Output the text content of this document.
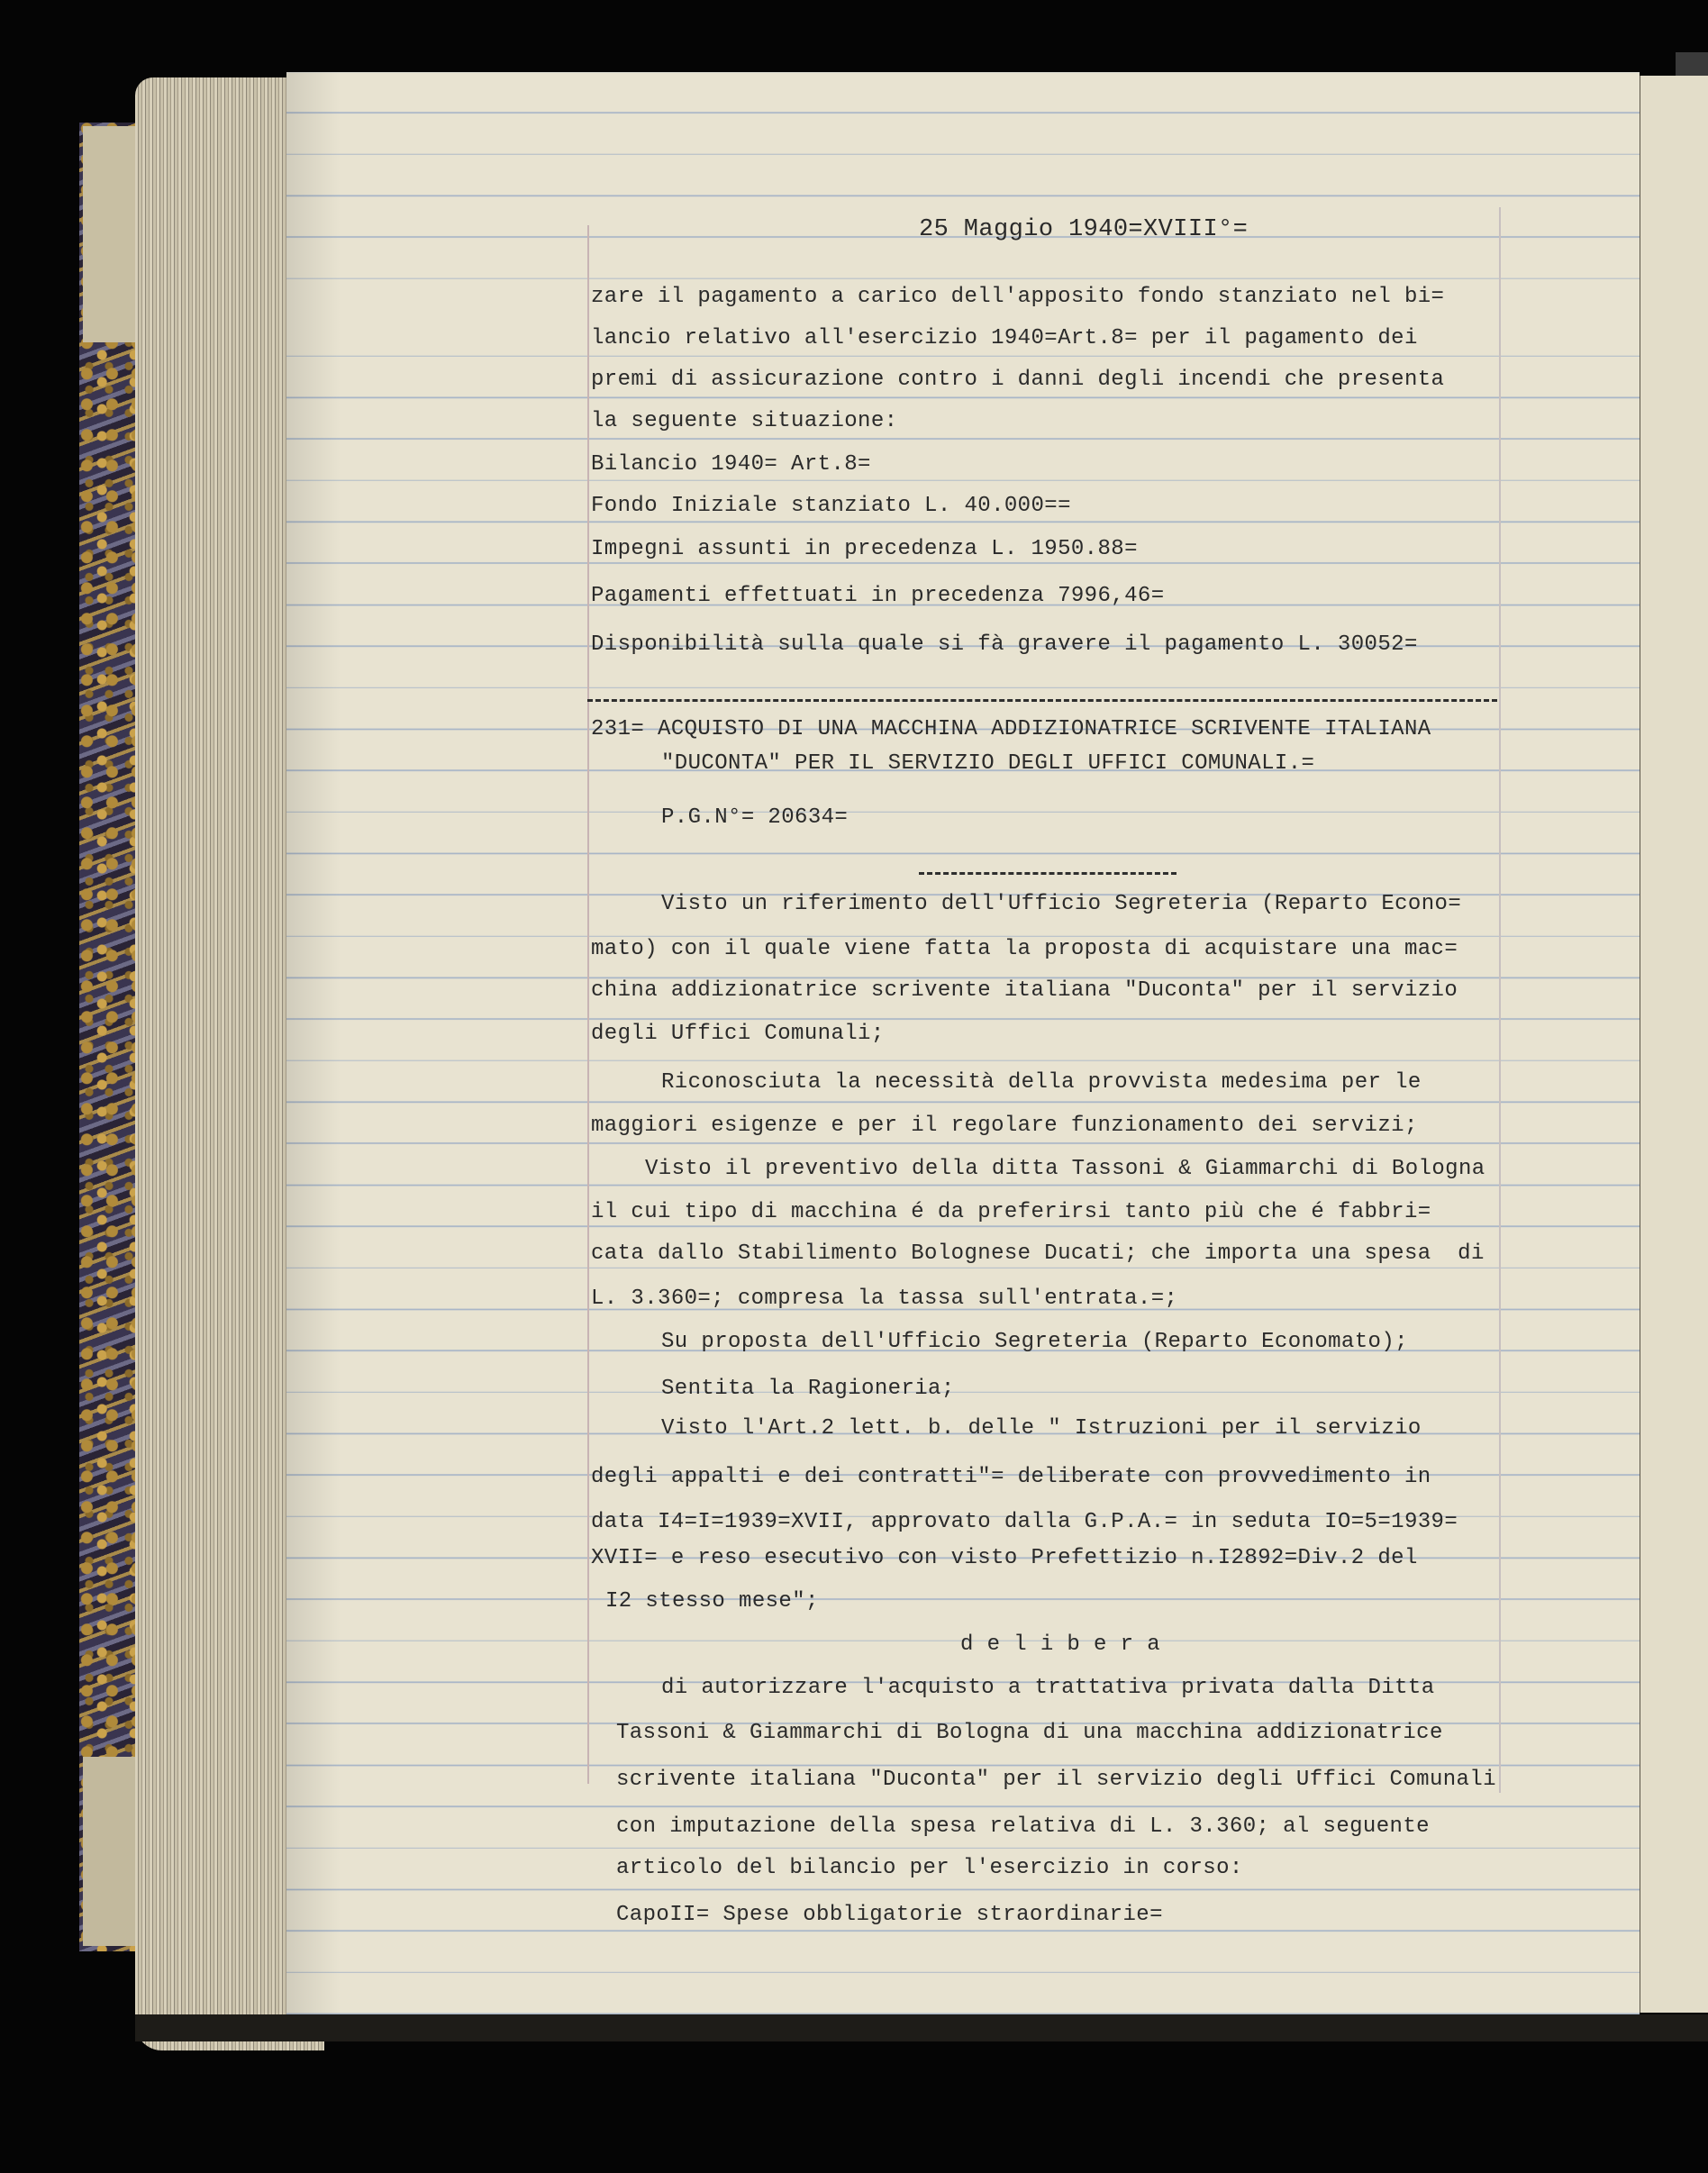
25 Maggio 1940=XVIII°=
zare il pagamento a carico dell'apposito fondo stanziato nel bi=
lancio relativo all'esercizio 1940=Art.8= per il pagamento dei
premi di assicurazione contro i danni degli incendi che presenta
la seguente situazione:
Bilancio 1940= Art.8=
Fondo Iniziale stanziato L. 40.000==
Impegni assunti in precedenza L. 1950.88=
Pagamenti effettuati in precedenza 7996,46=
Disponibilità sulla quale si fà gravere il pagamento L. 30052=
231= ACQUISTO DI UNA MACCHINA ADDIZIONATRICE SCRIVENTE ITALIANA
"DUCONTA" PER IL SERVIZIO DEGLI UFFICI COMUNALI.=
P.G.N°= 20634=
Visto un riferimento dell'Ufficio Segreteria (Reparto Econo=
mato) con il quale viene fatta la proposta di acquistare una mac=
china addizionatrice scrivente italiana "Duconta" per il servizio
degli Uffici Comunali;
Riconosciuta la necessità della provvista medesima per le
maggiori esigenze e per il regolare funzionamento dei servizi;
Visto il preventivo della ditta Tassoni & Giammarchi di Bologna
il cui tipo di macchina é da preferirsi tanto più che é fabbri=
cata dallo Stabilimento Bolognese Ducati; che importa una spesa  di
L. 3.360=; compresa la tassa sull'entrata.=;
Su proposta dell'Ufficio Segreteria (Reparto Economato);
Sentita la Ragioneria;
Visto l'Art.2 lett. b. delle " Istruzioni per il servizio
degli appalti e dei contratti"= deliberate con provvedimento in
data I4=I=1939=XVII, approvato dalla G.P.A.= in seduta IO=5=1939=
XVII= e reso esecutivo con visto Prefettizio n.I2892=Div.2 del
I2 stesso mese";
d e l i b e r a
di autorizzare l'acquisto a trattativa privata dalla Ditta
Tassoni & Giammarchi di Bologna di una macchina addizionatrice
scrivente italiana "Duconta" per il servizio degli Uffici Comunali
con imputazione della spesa relativa di L. 3.360; al seguente
articolo del bilancio per l'esercizio in corso:
CapoII= Spese obbligatorie straordinarie=
